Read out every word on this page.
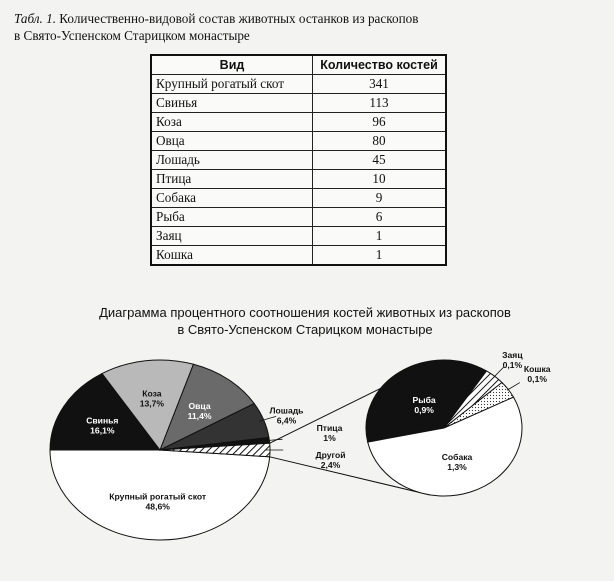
Табл. 1. Количественно-видовой состав животных останков из раскопов
в Свято-Успенском Старицком монастыре
Вид	Количество костей
Крупный рогатый скот	341
Свинья	113
Коза	96
Овца	80
Лошадь	45
Птица	10
Собака	9
Рыба	6
Заяц	1
Кошка	1
Диаграмма процентного соотношения костей животных из раскопов
в Свято-Успенском Старицком монастыре
Крупный рогатый скот 48,6%
Свинья 16,1%
Коза 13,7%	Овца 11,4%
Лошадь 6,4%
Птица 1%
Другой 2,4%
Рыба 0,9%
Заяц 0,1% Кошка 0,1%
Собака 1,3%
